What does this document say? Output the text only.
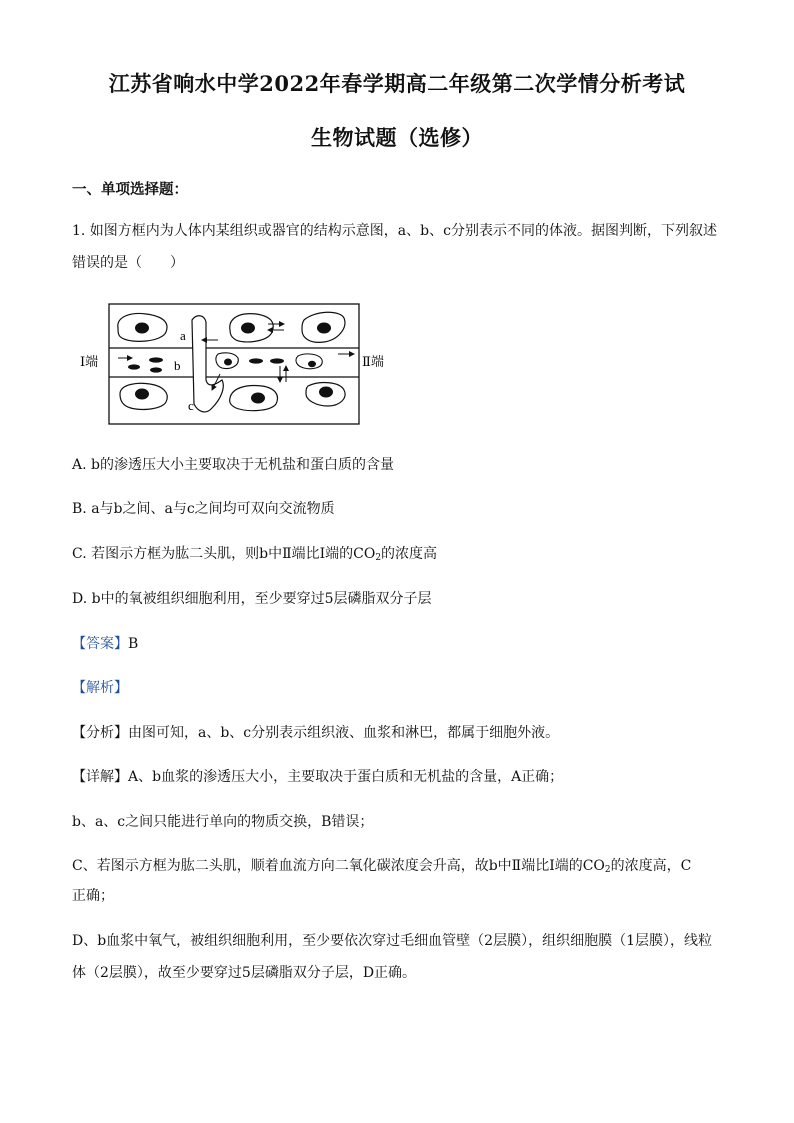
江苏省响水中学2022年春学期高二年级第二次学情分析考试
生物试题（选修）
一、单项选择题：
1. 如图方框内为人体内某组织或器官的结构示意图，a、b、c分别表示不同的体液。据图判断，下列叙述
错误的是（　　）
a
b
c
Ⅰ端	Ⅱ端
A. b的渗透压大小主要取决于无机盐和蛋白质的含量
B. a与b之间、a与c之间均可双向交流物质
C. 若图示方框为肱二头肌，则b中Ⅱ端比Ⅰ端的$CO_2$的浓度高
D. b中的氧被组织细胞利用，至少要穿过5层磷脂双分子层
【答案】B
【解析】
【分析】由图可知，a、b、c分别表示组织液、血浆和淋巴，都属于细胞外液。
【详解】A、b血浆的渗透压大小，主要取决于蛋白质和无机盐的含量，A正确；
b、a、c之间只能进行单向的物质交换，B错误；
C、若图示方框为肱二头肌，顺着血流方向二氧化碳浓度会升高，故b中Ⅱ端比Ⅰ端的$CO_2$的浓度高，C
正确；
D、b血浆中氧气，被组织细胞利用，至少要依次穿过毛细血管壁（2层膜），组织细胞膜（1层膜），线粒
体（2层膜），故至少要穿过5层磷脂双分子层，D正确。
